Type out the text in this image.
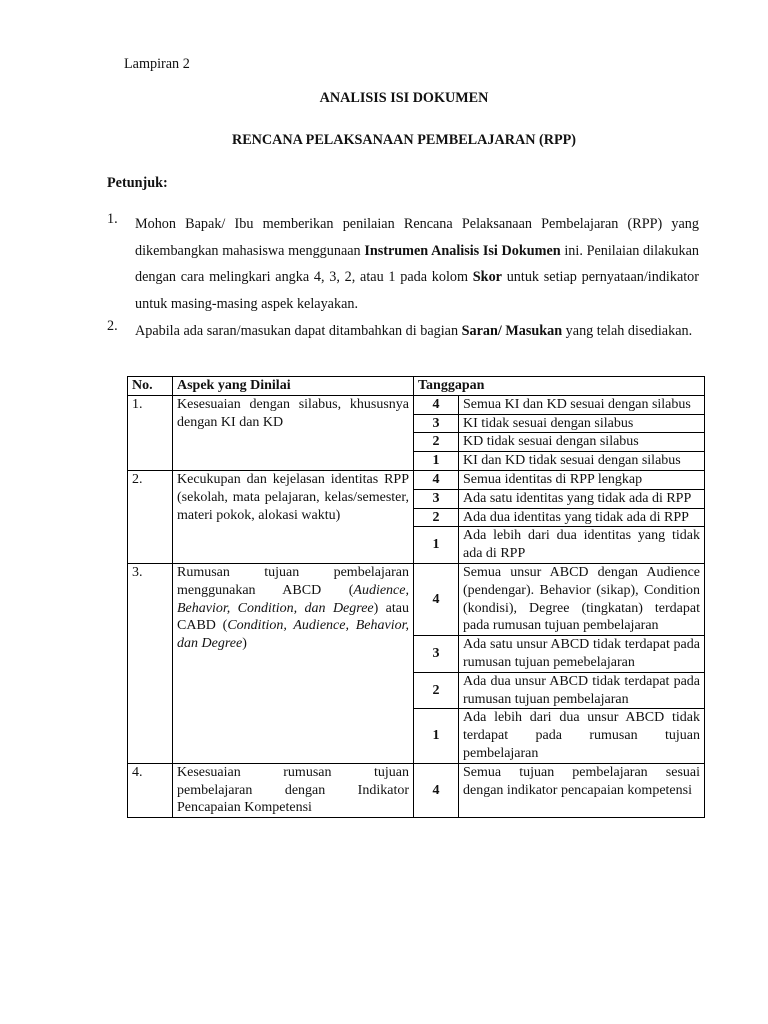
Lampiran 2
ANALISIS ISI DOKUMEN
RENCANA PELAKSANAAN PEMBELAJARAN (RPP)
Petunjuk:
1. Mohon Bapak/ Ibu memberikan penilaian Rencana Pelaksanaan Pembelajaran (RPP) yang dikembangkan mahasiswa menggunaan Instrumen Analisis Isi Dokumen ini. Penilaian dilakukan dengan cara melingkari angka 4, 3, 2, atau 1 pada kolom Skor untuk setiap pernyataan/indikator untuk masing-masing aspek kelayakan.
2. Apabila ada saran/masukan dapat ditambahkan di bagian Saran/ Masukan yang telah disediakan.
No.	Aspek yang Dinilai	Tanggapan	
1.	Kesesuaian dengan silabus, khususnya dengan KI dan KD	4	Semua KI dan KD sesuai dengan silabus
		3	KI tidak sesuai dengan silabus
		2	KD tidak sesuai dengan silabus
		1	KI dan KD tidak sesuai dengan silabus
2.	Kecukupan dan kejelasan identitas RPP (sekolah, mata pelajaran, kelas/semester, materi pokok, alokasi waktu)	4	Semua identitas di RPP lengkap
		3	Ada satu identitas yang tidak ada di RPP
		2	Ada dua identitas yang tidak ada di RPP
		1	Ada lebih dari dua identitas yang tidak ada di RPP
3.	Rumusan tujuan pembelajaran menggunakan ABCD (Audience, Behavior, Condition, dan Degree) atau CABD (Condition, Audience, Behavior, dan Degree)	4	Semua unsur ABCD dengan Audience (pendengar). Behavior (sikap), Condition (kondisi), Degree (tingkatan) terdapat pada rumusan tujuan pembelajaran
		3	Ada satu unsur ABCD tidak terdapat pada rumusan tujuan pemebelajaran
		2	Ada dua unsur ABCD tidak terdapat pada rumusan tujuan pembelajaran
		1	Ada lebih dari dua unsur ABCD tidak terdapat pada rumusan tujuan pembelajaran
4.	Kesesuaian rumusan tujuan pembelajaran dengan Indikator Pencapaian Kompetensi	4	Semua tujuan pembelajaran sesuai dengan indikator pencapaian kompetensi
